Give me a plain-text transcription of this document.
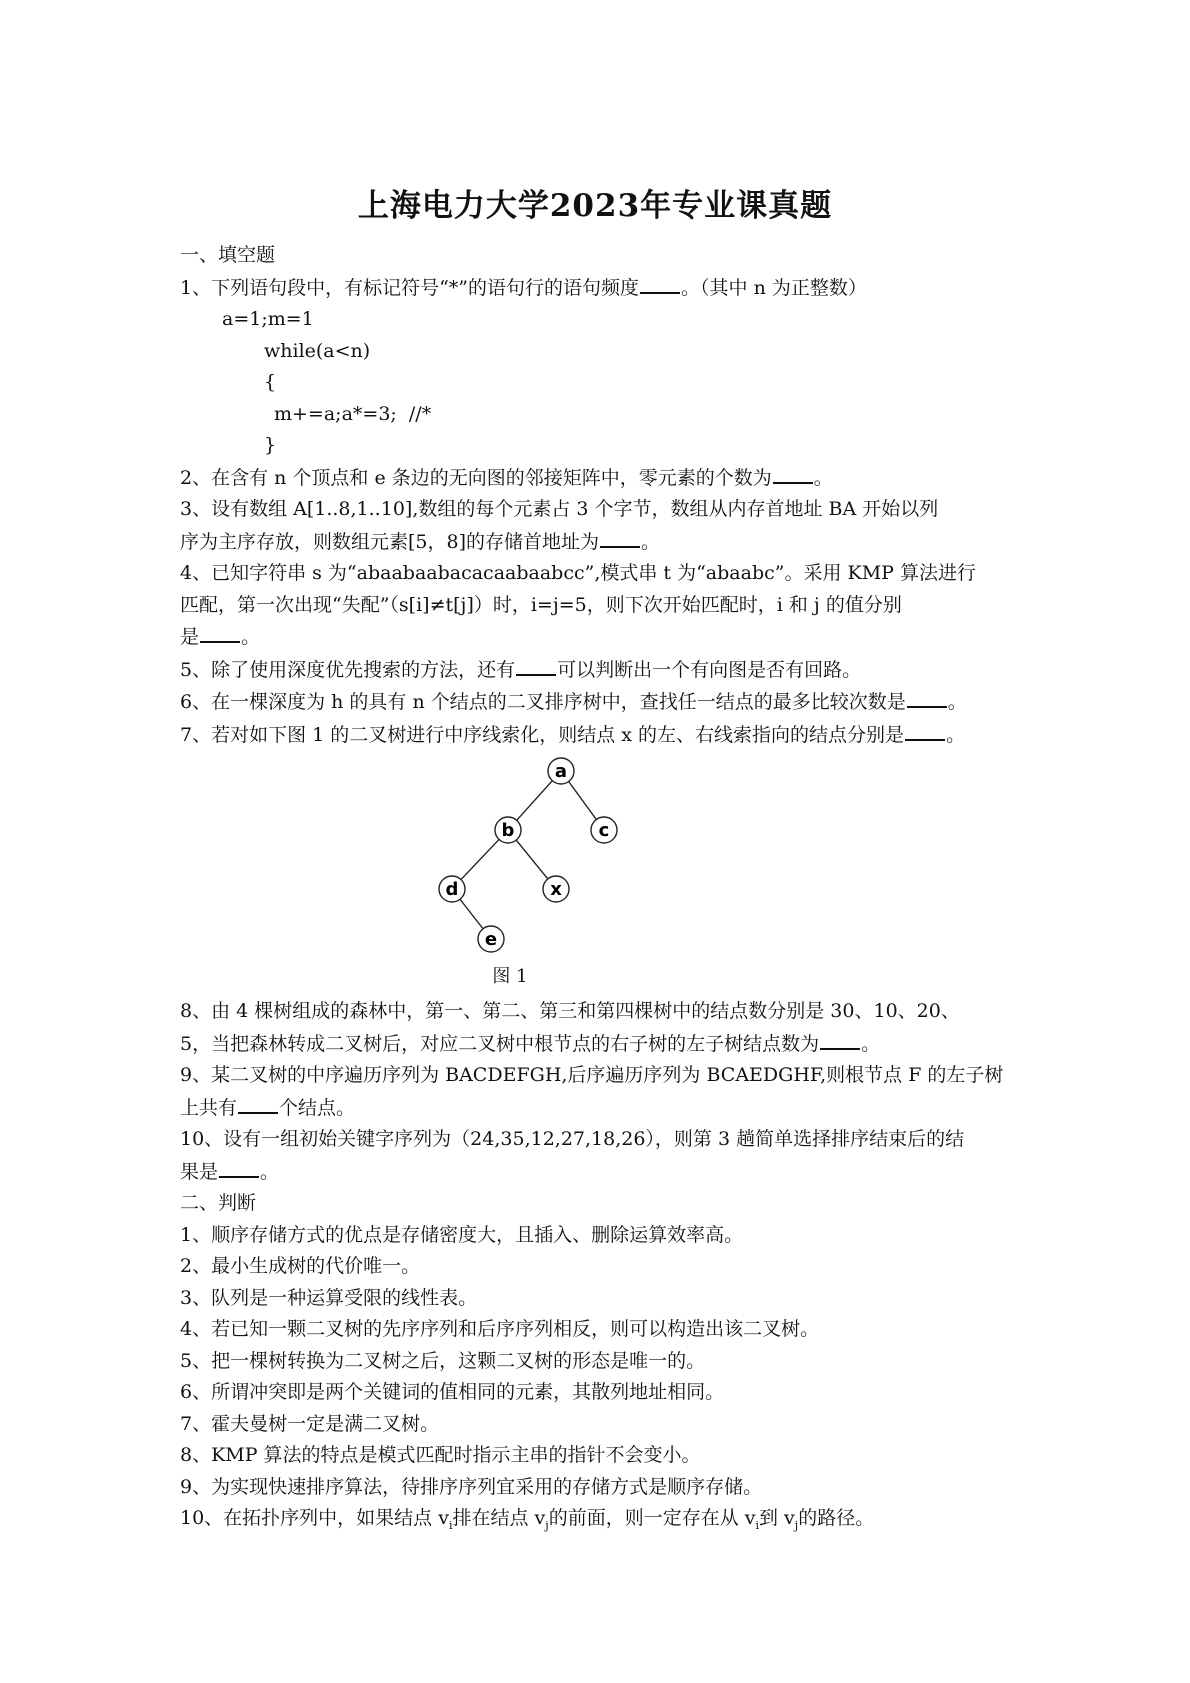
上海电力大学2023年专业课真题
一、填空题
1、下列语句段中，有标记符号“*”的语句行的语句频度 。（其中 n 为正整数）
a=1;m=1
while(a<n)
{
m+=a;a*=3;  //*
}
2、在含有 n 个顶点和 e 条边的无向图的邻接矩阵中，零元素的个数为 。
3、设有数组 A[1..8,1..10],数组的每个元素占 3 个字节，数组从内存首地址 BA 开始以列
序为主序存放，则数组元素[5，8]的存储首地址为 。
4、已知字符串 s 为“abaabaabacacaabaabcc”,模式串 t 为“abaabc”。采用 KMP 算法进行
匹配，第一次出现“失配”（s[i]≠t[j]）时，i=j=5，则下次开始匹配时，i 和 j 的值分别
是 。
5、除了使用深度优先搜索的方法，还有 可以判断出一个有向图是否有回路。
6、在一棵深度为 h 的具有 n 个结点的二叉排序树中，查找任一结点的最多比较次数是 。
7、若对如下图 1 的二叉树进行中序线索化，则结点 x 的左、右线索指向的结点分别是 。
a
b	c
d	x
e
图 1
8、由 4 棵树组成的森林中，第一、第二、第三和第四棵树中的结点数分别是 30、10、20、
5，当把森林转成二叉树后，对应二叉树中根节点的右子树的左子树结点数为 。
9、某二叉树的中序遍历序列为 BACDEFGH,后序遍历序列为 BCAEDGHF,则根节点 F 的左子树
上共有 个结点。
10、设有一组初始关键字序列为（24,35,12,27,18,26），则第 3 趟简单选择排序结束后的结
果是 。
二、判断
1、顺序存储方式的优点是存储密度大，且插入、删除运算效率高。
2、最小生成树的代价唯一。
3、队列是一种运算受限的线性表。
4、若已知一颗二叉树的先序序列和后序序列相反，则可以构造出该二叉树。
5、把一棵树转换为二叉树之后，这颗二叉树的形态是唯一的。
6、所谓冲突即是两个关键词的值相同的元素，其散列地址相同。
7、霍夫曼树一定是满二叉树。
8、KMP 算法的特点是模式匹配时指示主串的指针不会变小。
9、为实现快速排序算法，待排序序列宜采用的存储方式是顺序存储。
10、在拓扑序列中，如果结点 $v_i$排在结点 $v_j$的前面，则一定存在从 $v_i$到 $v_j$的路径。
